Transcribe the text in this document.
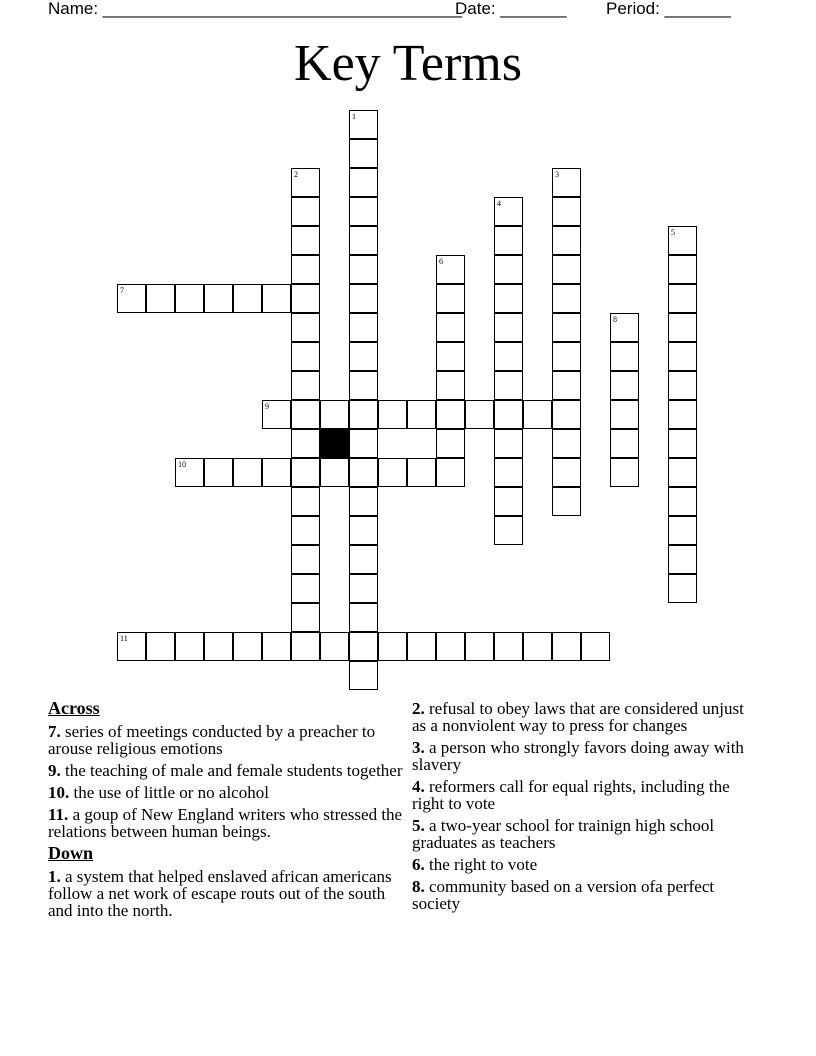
Name: ______________________________________
Date: _______ Period: _______
Key Terms
1
2	3
4
5
6
7
8
9
10
11
Across
7. series of meetings conducted by a preacher to arouse religious emotions
9. the teaching of male and female students together
10. the use of little or no alcohol
11. a goup of New England writers who stressed the relations between human beings.
Down
1. a system that helped enslaved african americans follow a net work of escape routs out of the south and into the north.
2. refusal to obey laws that are considered unjust as a nonviolent way to press for changes
3. a person who strongly favors doing away with slavery
4. reformers call for equal rights, including the right to vote
5. a two-year school for trainign high school graduates as teachers
6. the right to vote
8. community based on a version ofa perfect society
